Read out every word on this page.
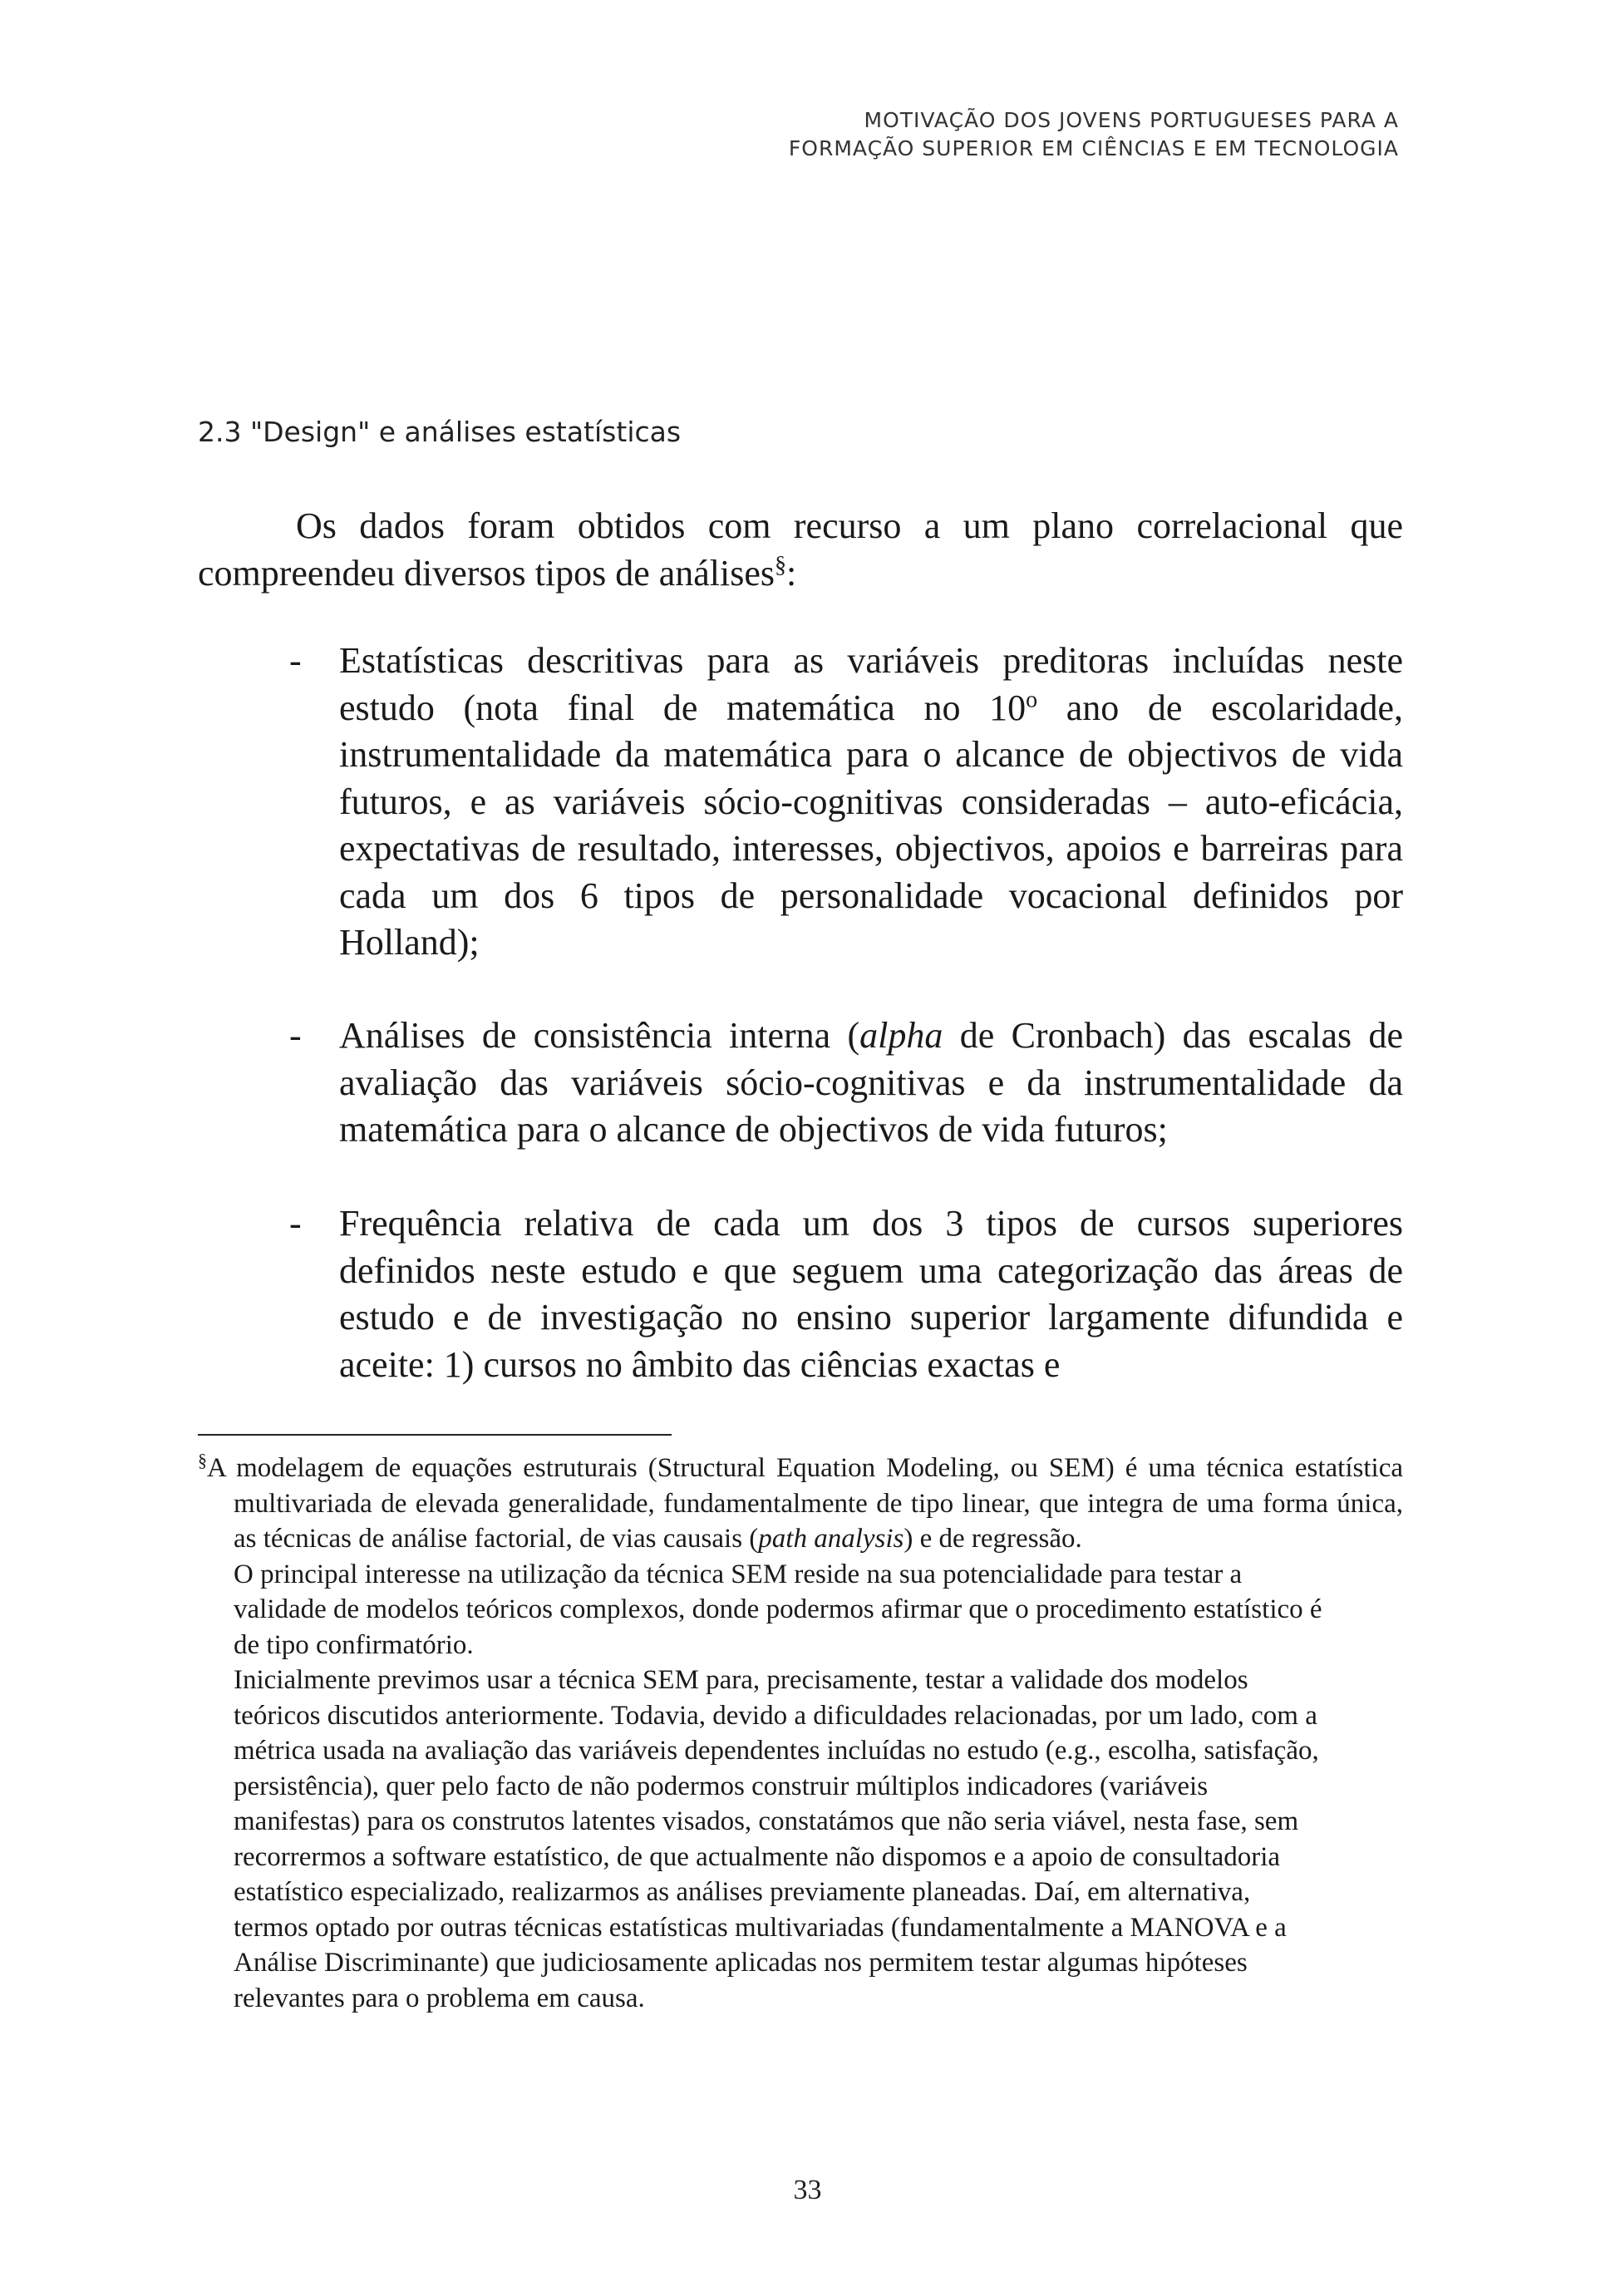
MOTIVAÇÃO DOS JOVENS PORTUGUESES PARA A
FORMAÇÃO SUPERIOR EM CIÊNCIAS E EM TECNOLOGIA
2.3 "Design" e análises estatísticas

Os dados foram obtidos com recurso a um plano correlacional que compreendeu diversos tipos de análises§:

- Estatísticas descritivas para as variáveis preditoras incluídas neste estudo (nota final de matemática no 10$^o$ ano de escolaridade, instrumentalidade da matemática para o alcance de objectivos de vida futuros, e as variáveis sócio-cognitivas consideradas – auto-eficácia, expectativas de resultado, interesses, objectivos, apoios e barreiras para cada um dos 6 tipos de personalidade vocacional definidos por Holland);
- Análises de consistência interna (alpha de Cronbach) das escalas de avaliação das variáveis sócio-cognitivas e da instrumentalidade da matemática para o alcance de objectivos de vida futuros;
- Frequência relativa de cada um dos 3 tipos de cursos superiores definidos neste estudo e que seguem uma categorização das áreas de estudo e de investigação no ensino superior largamente difundida e aceite: 1) cursos no âmbito das ciências exactas e

§A modelagem de equações estruturais (Structural Equation Modeling, ou SEM) é uma técnica estatística multivariada de elevada generalidade, fundamentalmente de tipo linear, que integra de uma forma única, as técnicas de análise factorial, de vias causais (path analysis) e de regressão.

O principal interesse na utilização da técnica SEM reside na sua potencialidade para testar a validade de modelos teóricos complexos, donde podermos afirmar que o procedimento estatístico é de tipo confirmatório.

Inicialmente previmos usar a técnica SEM para, precisamente, testar a validade dos modelos teóricos discutidos anteriormente. Todavia, devido a dificuldades relacionadas, por um lado, com a métrica usada na avaliação das variáveis dependentes incluídas no estudo (e.g., escolha, satisfação, persistência), quer pelo facto de não podermos construir múltiplos indicadores (variáveis manifestas) para os construtos latentes visados, constatámos que não seria viável, nesta fase, sem recorrermos a software estatístico, de que actualmente não dispomos e a apoio de consultadoria estatístico especializado, realizarmos as análises previamente planeadas. Daí, em alternativa, termos optado por outras técnicas estatísticas multivariadas (fundamentalmente a MANOVA e a Análise Discriminante) que judiciosamente aplicadas nos permitem testar algumas hipóteses relevantes para o problema em causa.

33
